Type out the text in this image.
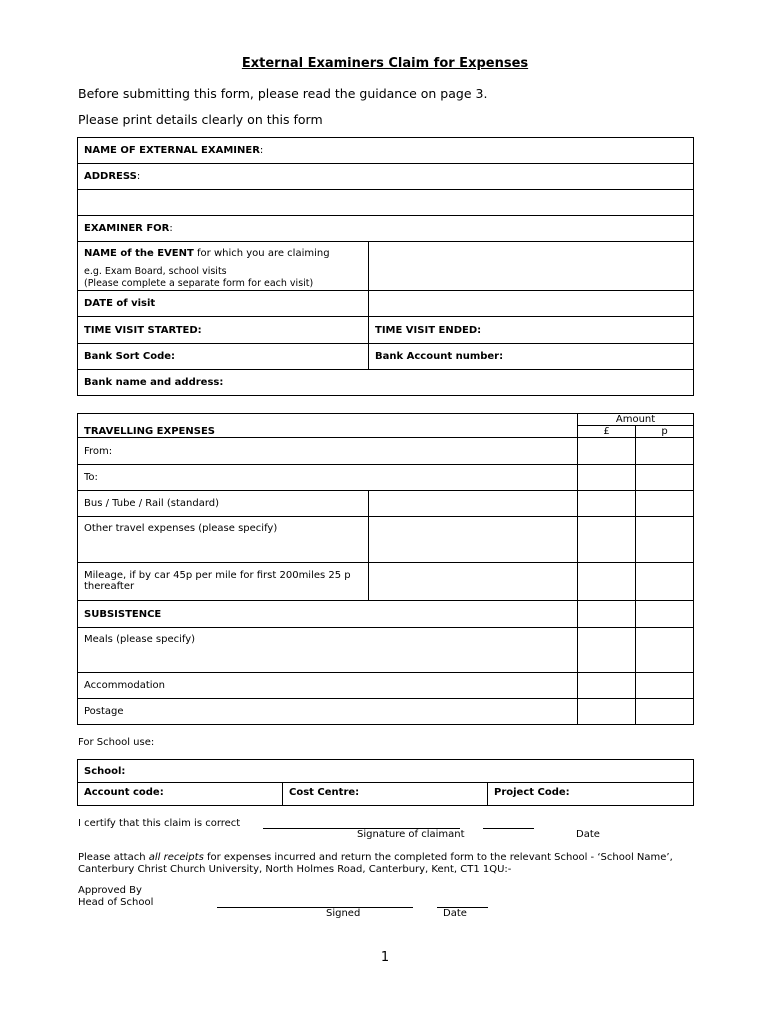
External Examiners Claim for Expenses
Before submitting this form, please read the guidance on page 3.
Please print details clearly on this form
NAME OF EXTERNAL EXAMINER:	
ADDRESS:	

EXAMINER FOR:	

NAME of the EVENT for which you are claiming
e.g. Exam Board, school visits
(Please complete a separate form for each visit)	

DATE of visit	
TIME VISIT STARTED:	TIME VISIT ENDED:
Bank Sort Code:	Bank Account number:
Bank name and address:	
TRAVELLING EXPENSES		Amount	
		£	p
From:			
To:			
Bus / Tube / Rail (standard)			
Other travel expenses (please specify)			
Mileage, if by car 45p per mile for first 200miles 25 p thereafter			
SUBSISTENCE			
Meals (please specify)			
Accommodation			
Postage			
For School use:
School:
Account code:	Cost Centre:	Project Code:
I certify that this claim is correct
Signature of claimant	Date
Please attach all receipts for expenses incurred and return the completed form to the relevant School - ‘School Name’, Canterbury Christ Church University, North Holmes Road, Canterbury, Kent, CT1 1QU:-
Approved By
Head of School
Signed	Date
1
